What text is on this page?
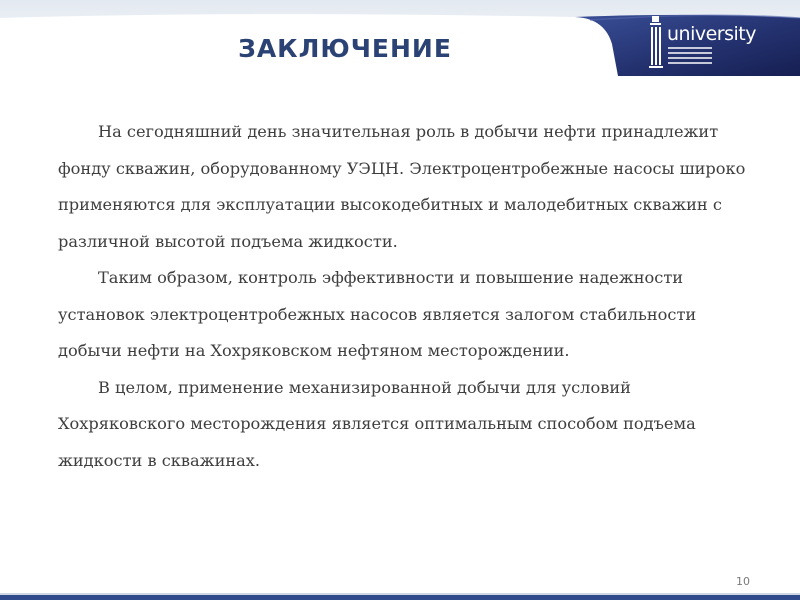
ЗАКЛЮЧЕНИЕ	university

На сегодняшний день значительная роль в добычи нефти принадлежит фонду скважин, оборудованному УЭЦН. Электроцентробежные насосы широко применяются для эксплуатации высокодебитных и малодебитных скважин с различной высотой подъема жидкости.

Таким образом, контроль эффективности и повышение надежности установок электроцентробежных насосов является залогом стабильности добычи нефти на Хохряковском нефтяном месторождении.

В целом, применение механизированной добычи для условий Хохряковского месторождения является оптимальным способом подъема жидкости в скважинах.

10
